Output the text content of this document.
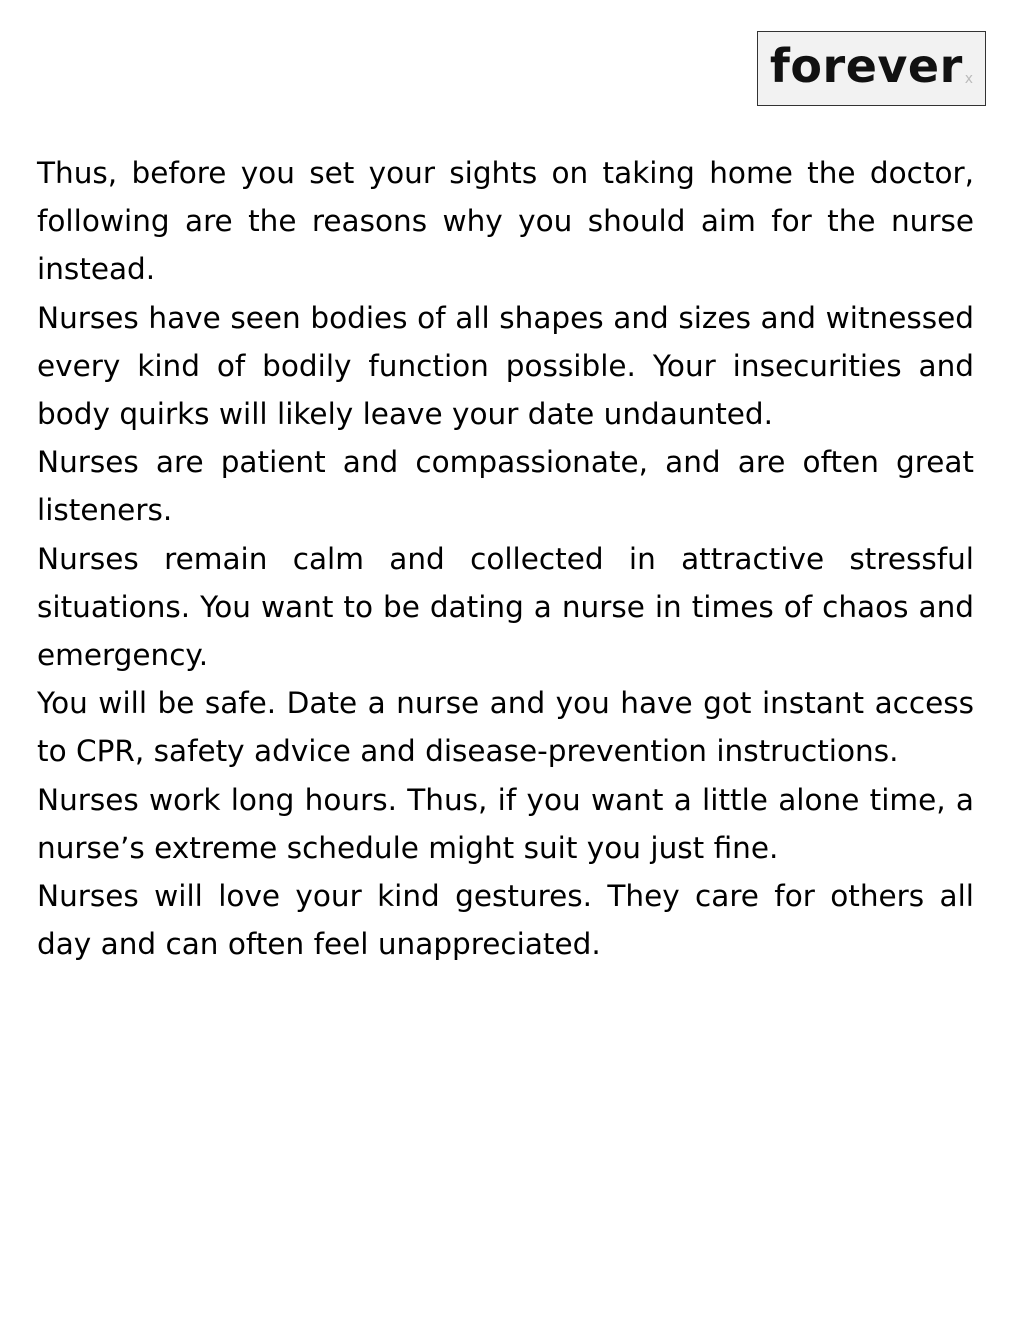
forever x

Thus, before you set your sights on taking home the doctor, following are the reasons why you should aim for the nurse instead.

Nurses have seen bodies of all shapes and sizes and witnessed every kind of bodily function possible. Your insecurities and body quirks will likely leave your date undaunted.

Nurses are patient and compassionate, and are often great listeners.

Nurses remain calm and collected in attractive stressful situations. You want to be dating a nurse in times of chaos and emergency.

You will be safe. Date a nurse and you have got instant access to CPR, safety advice and disease-prevention instructions.

Nurses work long hours. Thus, if you want a little alone time, a nurse’s extreme schedule might suit you just fine.

Nurses will love your kind gestures. They care for others all day and can often feel unappreciated.
